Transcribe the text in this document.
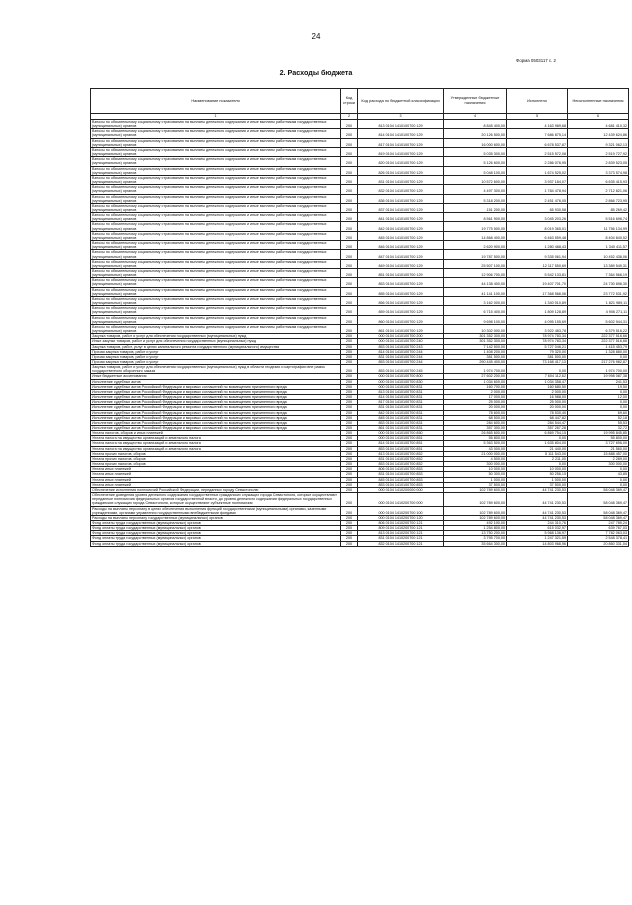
24
Форма 0503117 с. 2
2. Расходы бюджета
Наименование показателя	Код строки	Код расхода по бюджетной классификации	Утвержденные бюджетные назначения	Исполнено	Неисполненные назначения
1	2	3	4	5	6
Взносы по обязательному социальному страхованию на выплаты денежного содержания и иные выплаты работникам государственных (муниципальных) органов	200	813 0104 1410100700 129	8 845 400,00	4 163 989,68	4 681 410,32
Взносы по обязательному социальному страхованию на выплаты денежного содержания и иные выплаты работникам государственных (муниципальных) органов	200	814 0104 1410100700 129	20 126 500,00	7 686 875,14	12 439 624,86
Взносы по обязательному социальному страхованию на выплаты денежного содержания и иные выплаты работникам государственных (муниципальных) органов	200	817 0104 1410100700 129	16 000 600,00	6 678 537,87	9 321 062,13
Взносы по обязательному социальному страхованию на выплаты денежного содержания и иные выплаты работникам государственных (муниципальных) органов	200	819 0104 1410100700 129	5 035 300,00	2 515 572,08	2 519 727,92
Взносы по обязательному социальному страхованию на выплаты денежного содержания и иные выплаты работникам государственных (муниципальных) органов	200	820 0104 1410100700 129	5 126 600,00	2 286 076,95	2 839 523,05
Взносы по обязательному социальному страхованию на выплаты денежного содержания и иные выплаты работникам государственных (муниципальных) органов	200	826 0104 1410100700 129	5 048 100,00	1 674 525,02	3 373 574,98
Взносы по обязательному социальному страхованию на выплаты денежного содержания и иные выплаты работникам государственных (муниципальных) органов	200	831 0104 1410100700 129	10 572 600,00	3 937 184,07	6 635 415,93
Взносы по обязательному социальному страхованию на выплаты денежного содержания и иные выплаты работникам государственных (муниципальных) органов	200	832 0104 1410100700 129	4 497 300,00	1 784 478,94	2 712 821,06
Взносы по обязательному социальному страхованию на выплаты денежного содержания и иные выплаты работникам государственных (муниципальных) органов	200	836 0104 1410100700 129	5 318 200,00	2 451 476,05	2 866 723,95
Взносы по обязательному социальному страхованию на выплаты денежного содержания и иные выплаты работникам государственных (муниципальных) органов	200	837 0104 1410100700 129	151 200,00	65 930,58	85 269,42
Взносы по обязательному социальному страхованию на выплаты денежного содержания и иные выплаты работникам государственных (муниципальных) органов	200	841 0104 1410100700 129	8 561 900,00	3 045 203,26	5 516 696,74
Взносы по обязательному социальному страхованию на выплаты денежного содержания и иные выплаты работникам государственных (муниципальных) органов	200	842 0104 1410100700 129	19 775 500,00	8 019 365,01	11 756 134,99
Взносы по обязательному социальному страхованию на выплаты денежного содержания и иные выплаты работникам государственных (муниципальных) органов	200	845 0104 1410100700 129	14 868 400,00	6 463 559,48	8 404 840,52
Взносы по обязательному социальному страхованию на выплаты денежного содержания и иные выплаты работникам государственных (муниципальных) органов	200	846 0104 1410100700 129	2 620 900,00	1 280 488,43	1 340 411,57
Взносы по обязательному социальному страхованию на выплаты денежного содержания и иные выплаты работникам государственных (муниципальных) органов	200	847 0104 1410100700 129	19 787 500,00	9 335 061,94	10 452 438,06
Взносы по обязательному социальному страхованию на выплаты денежного содержания и иные выплаты работникам государственных (муниципальных) органов	200	849 0104 1410100700 129	25 507 100,00	12 117 550,69	13 389 549,31
Взносы по обязательному социальному страхованию на выплаты денежного содержания и иные выплаты работникам государственных (муниципальных) органов	200	851 0104 1410100700 129	12 906 700,00	5 542 133,81	7 364 566,19
Взносы по обязательному социальному страхованию на выплаты денежного содержания и иные выплаты работникам государственных (муниципальных) органов	200	853 0104 1410100700 129	44 138 400,00	19 407 701,70	24 730 698,30
Взносы по обязательному социальному страхованию на выплаты денежного содержания и иные выплаты работникам государственных (муниципальных) органов	200	855 0104 1410100700 129	41 141 100,00	17 368 568,08	23 772 531,92
Взносы по обязательному социальному страхованию на выплаты денежного содержания и иные выплаты работникам государственных (муниципальных) органов	200	856 0104 1410100700 129	3 162 000,00	1 340 010,89	1 821 989,11
Взносы по обязательному социальному страхованию на выплаты денежного содержания и иные выплаты работникам государственных (муниципальных) органов	200	859 0104 1410100700 129	6 715 400,00	1 809 128,89	4 906 271,11
Взносы по обязательному социальному страхованию на выплаты денежного содержания и иные выплаты работникам государственных (муниципальных) органов	200	860 0104 1410100700 129	9 698 100,00	4 095 155,69	5 602 944,31
Взносы по обязательному социальному страхованию на выплаты денежного содержания и иные выплаты работникам государственных (муниципальных) органов	200	861 0104 1410100700 129	10 302 000,00	3 922 483,78	6 379 516,22
Закупка товаров, работ и услуг для обеспечения государственных (муниципальных) нужд	200	000 0104 1410100700 200	301 352 300,00	78 974 783,34	222 377 516,66
Иные закупки товаров, работ и услуг для обеспечения государственных (муниципальных) нужд	200	000 0104 1410100700 240	301 352 300,00	78 974 783,34	222 377 516,66
Закупка товаров, работ, услуг в целях капитального ремонта государственного (муниципального) имущества	200	853 0104 1410100700 243	7 142 500,00	5 727 046,21	1 415 453,79
Прочая закупка товаров, работ и услуг	200	814 0104 1410100700 244	1 408 200,00	79 320,00	1 328 880,00
Прочая закупка товаров, работ и услуг	200	831 0104 1410100700 244	381 500,00	381 500,00	0,00
Прочая закупка товаров, работ и услуг	200	853 0104 1410100700 244	290 445 400,00	73 168 417,13	217 276 982,87
Закупка товаров, работ и услуг для обеспечения государственных (муниципальных) нужд в области геодезии и картографии вне рамок государственного оборонного заказа	200	853 0104 1410100700 245	1 974 700,00	0,00	1 974 700,00
Иные бюджетные ассигнования	200	000 0104 1410100700 800	27 602 200,00	7 604 112,62	19 998 087,38
Исполнение судебных актов	200	000 0104 1410100700 830	1 034 600,00	1 034 358,47	241,53
Исполнение судебных актов Российской Федерации и мировых соглашений по возмещению причиненного вреда	200	000 0104 1410100700 831	160 700,00	160 680,50	19,50
Исполнение судебных актов Российской Федерации и мировых соглашений по возмещению причиненного вреда	200	813 0104 1410100700 831	2 000,00	2 000,00	0,00
Исполнение судебных актов Российской Федерации и мировых соглашений по возмещению причиненного вреда	200	814 0104 1410100700 831	17 000,00	16 988,00	12,00
Исполнение судебных актов Российской Федерации и мировых соглашений по возмещению причиненного вреда	200	817 0104 1410100700 831	25 000,00	25 000,00	0,00
Исполнение судебных актов Российской Федерации и мировых соглашений по возмещению причиненного вреда	200	831 0104 1410100700 831	20 000,00	20 000,00	0,00
Исполнение судебных актов Российской Федерации и мировых соглашений по возмещению причиненного вреда	200	842 0104 1410100700 831	78 600,00	78 530,40	69,60
Исполнение судебных актов Российской Федерации и мировых соглашений по возмещению причиненного вреда	200	845 0104 1410100700 831	68 500,00	68 447,82	52,18
Исполнение судебных актов Российской Федерации и мировых соглашений по возмещению причиненного вреда	200	853 0104 1410100700 831	284 600,00	284 544,47	55,53
Исполнение судебных актов Российской Федерации и мировых соглашений по возмещению причиненного вреда	200	861 0104 1410100700 831	357 300,00	357 267,28	32,72
Уплата налогов, сборов и иных платежей	200	000 0104 1410100700 850	26 865 600,00	6 869 754,15	19 995 845,85
Уплата налога на имущество организаций и земельного налога	200	000 0104 1410100700 851	55 800,00	0,00	55 800,00
Уплата налога на имущество организаций и земельного налога	200	814 0104 1410100700 851	5 363 500,00	1 635 804,00	3 727 696,00
Уплата налога на имущество организаций и земельного налога	200	853 0104 1410100700 851	43 000,00	21 440,00	21 560,00
Уплата прочих налогов, сборов	200	813 0104 1410100700 852	21 000 000,00	5 111 543,00	15 888 457,00
Уплата прочих налогов, сборов	200	831 0104 1410100700 852	4 500,00	2 211,00	2 289,00
Уплата прочих налогов, сборов	200	853 0104 1410100700 852	300 000,00	0,00	300 000,00
Уплата иных платежей	200	806 0104 1410100700 853	10 000,00	10 000,00	0,00
Уплата иных платежей	200	831 0104 1410100700 853	50 300,00	50 256,15	43,85
Уплата иных платежей	200	845 0104 1410100700 853	1 000,00	1 000,00	0,00
Уплата иных платежей	200	853 0104 1410100700 853	37 500,00	37 500,00	0,00
Обеспечение исполнения полномочий Российской Федерации, переданных городу Севастополю	200	000 0104 1410200000 000	102 789 600,00	44 741 230,53	58 048 369,47
Обеспечение доведения уровня денежного содержания государственных гражданских служащих города Севастополя, которые осуществляют переданные полномочия федеральных органов государственной власти, до уровня денежного содержания федеральных государственных гражданских служащих города Севастополя, которые осуществляют субъектные полномочия	200	000 0104 1410200700 000	102 789 600,00	44 741 230,53	58 048 369,47
Расходы на выплаты персоналу в целях обеспечения выполнения функций государственными (муниципальными) органами, казенными учреждениями, органами управления государственными внебюджетными фондами	200	000 0104 1410200700 100	102 789 600,00	44 741 230,53	58 048 369,47
Расходы на выплаты персоналу государственных (муниципальных) органов	200	000 0104 1410200700 120	102 789 600,00	44 741 230,53	58 048 369,47
Фонд оплаты труда государственных (муниципальных) органов	200	806 0104 1410200700 121	492 100,00	244 310,76	247 789,24
Фонд оплаты труда государственных (муниципальных) органов	200	809 0104 1410200700 121	1 254 800,00	615 032,97	639 767,03
Фонд оплаты труда государственных (муниципальных) органов	200	813 0104 1410200700 121	13 750 200,00	5 968 136,97	7 782 063,03
Фонд оплаты труда государственных (муниципальных) органов	200	831 0104 1410200700 121	3 795 700,00	1 247 321,59	2 548 378,41
Фонд оплаты труда государственных (муниципальных) органов	200	832 0104 1410200700 121	35 664 300,00	14 803 968,96	20 860 331,04
